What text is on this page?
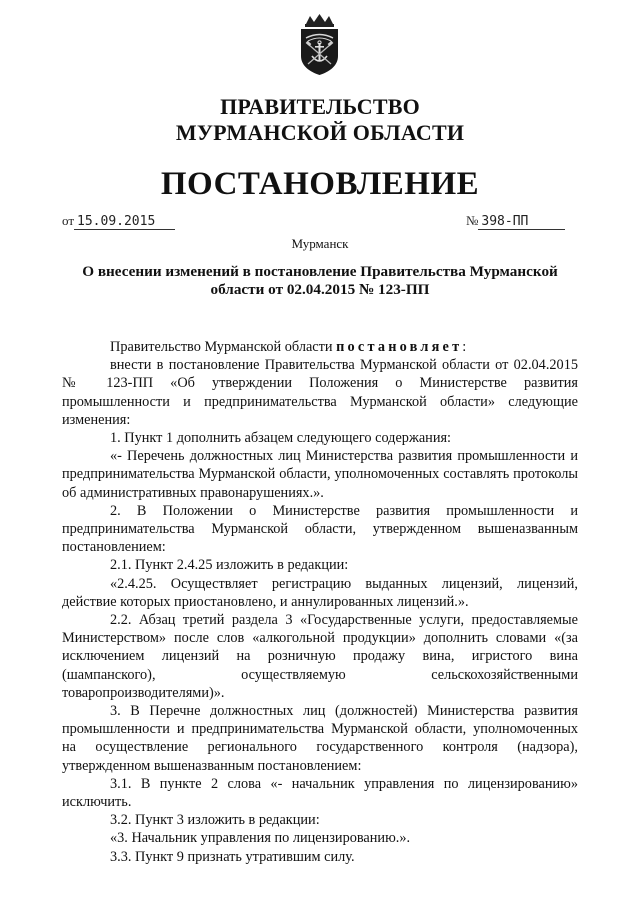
ПРАВИТЕЛЬСТВО
МУРМАНСКОЙ ОБЛАСТИ
ПОСТАНОВЛЕНИЕ
от 15.09.2015	№ 398-ПП
Мурманск
О внесении изменений в постановление Правительства Мурманской
области от 02.04.2015 № 123-ПП

Правительство Мурманской области постановляет:

внести в постановление Правительства Мурманской области от 02.04.2015 № 123-ПП «Об утверждении Положения о Министерстве развития промышленности и предпринимательства Мурманской области» следующие изменения:

1. Пункт 1 дополнить абзацем следующего содержания:

«- Перечень должностных лиц Министерства развития промышленности и предпринимательства Мурманской области, уполномоченных составлять протоколы об административных правонарушениях.».

2. В Положении о Министерстве развития промышленности и предпринимательства Мурманской области, утвержденном вышеназванным постановлением:

2.1. Пункт 2.4.25 изложить в редакции:

«2.4.25. Осуществляет регистрацию выданных лицензий, лицензий, действие которых приостановлено, и аннулированных лицензий.».

2.2. Абзац третий раздела 3 «Государственные услуги, предоставляемые Министерством» после слов «алкогольной продукции» дополнить словами «(за исключением лицензий на розничную продажу вина, игристого вина (шампанского), осуществляемую сельскохозяйственными товаропроизводителями)».

3. В Перечне должностных лиц (должностей) Министерства развития промышленности и предпринимательства Мурманской области, уполномоченных на осуществление регионального государственного контроля (надзора), утвержденном вышеназванным постановлением:

3.1. В пункте 2 слова «- начальник управления по лицензированию» исключить.

3.2. Пункт 3 изложить в редакции:

«3. Начальник управления по лицензированию.».

3.3. Пункт 9 признать утратившим силу.
